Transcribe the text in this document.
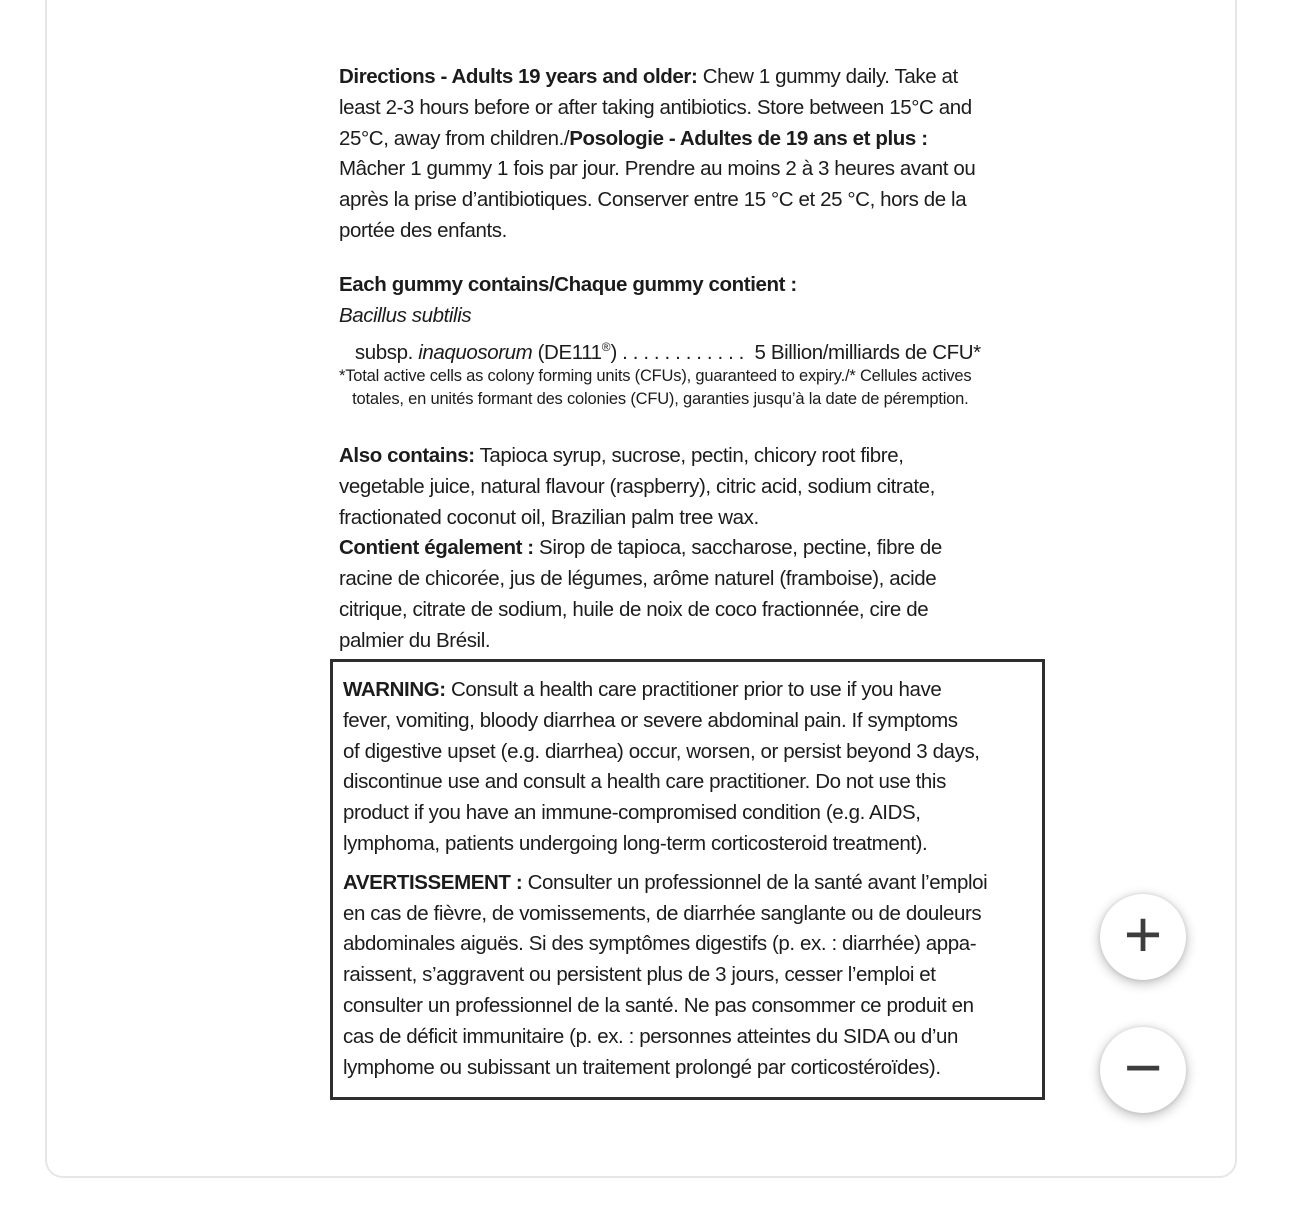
Directions - Adults 19 years and older: Chew 1 gummy daily. Take at
least 2-3 hours before or after taking antibiotics. Store between 15°C and
25°C, away from children./Posologie - Adultes de 19 ans et plus :
Mâcher 1 gummy 1 fois par jour. Prendre au moins 2 à 3 heures avant ou
après la prise d’antibiotiques. Conserver entre 15 °C et 25 °C, hors de la
portée des enfants.
Each gummy contains/Chaque gummy contient :
Bacillus subtilis
subsp. inaquosorum (DE111®) . . . . . . . . . . . .  5 Billion/milliards de CFU*
*Total active cells as colony forming units (CFUs), guaranteed to expiry./* Cellules actives
totales, en unités formant des colonies (CFU), garanties jusqu’à la date de péremption.
Also contains: Tapioca syrup, sucrose, pectin, chicory root fibre,
vegetable juice, natural flavour (raspberry), citric acid, sodium citrate,
fractionated coconut oil, Brazilian palm tree wax.
Contient également : Sirop de tapioca, saccharose, pectine, fibre de
racine de chicorée, jus de légumes, arôme naturel (framboise), acide
citrique, citrate de sodium, huile de noix de coco fractionnée, cire de
palmier du Brésil.
WARNING: Consult a health care practitioner prior to use if you have
fever, vomiting, bloody diarrhea or severe abdominal pain. If symptoms
of digestive upset (e.g. diarrhea) occur, worsen, or persist beyond 3 days,
discontinue use and consult a health care practitioner. Do not use this
product if you have an immune-compromised condition (e.g. AIDS,
lymphoma, patients undergoing long-term corticosteroid treatment).
AVERTISSEMENT : Consulter un professionnel de la santé avant l’emploi
en cas de fièvre, de vomissements, de diarrhée sanglante ou de douleurs
abdominales aiguës. Si des symptômes digestifs (p. ex. : diarrhée) appa-
raissent, s’aggravent ou persistent plus de 3 jours, cesser l’emploi et
consulter un professionnel de la santé. Ne pas consommer ce produit en
cas de déficit immunitaire (p. ex. : personnes atteintes du SIDA ou d’un
lymphome ou subissant un traitement prolongé par corticostéroïdes).
+
−
